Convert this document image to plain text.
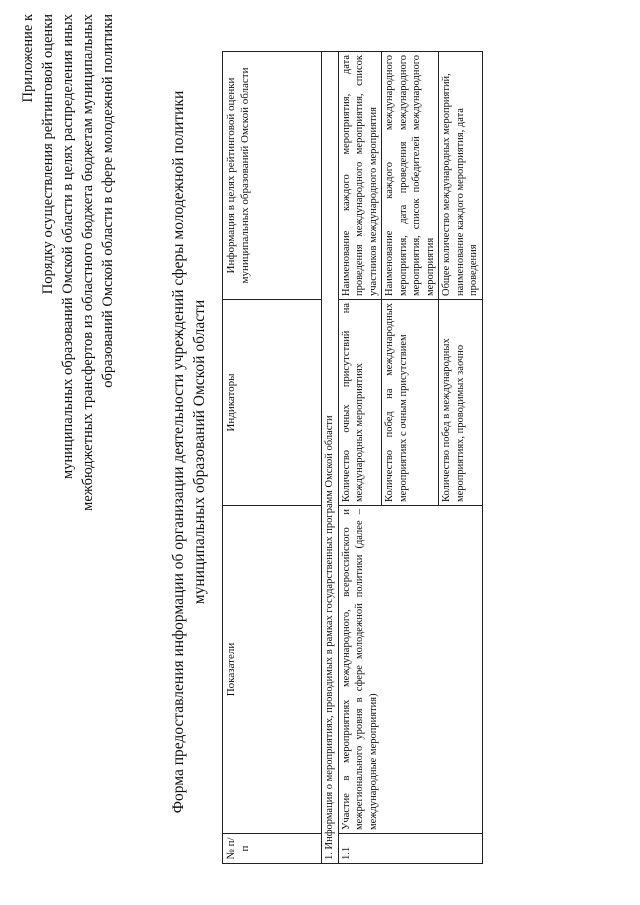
Приложение к Порядку осуществления рейтинговой оценки муниципальных образований Омской области в целях распределения иных межбюджетных трансфертов из областного бюджета бюджетам муниципальных образований Омской области в сфере молодежной политики	Форма предоставления информации об организации деятельности учреждений сферы молодежной политики муниципальных образований Омской области
№ п/п	Показатели	Индикаторы	Информация в целях рейтинговой оценки муниципальных образований Омской области
1. Информация о мероприятиях, проводимых в рамках государственных программ Омской области			
1.1	Участие в мероприятиях международного, всероссийского и межрегионального уровня в сфере молодежной политики (далее – международные мероприятия)	Количество очных присутствий на международных мероприятиях	Наименование каждого мероприятия, дата проведения международного мероприятия, список участников международного мероприятия
		Количество побед на международных мероприятиях с очным присутствием	Наименование каждого международного мероприятия, дата проведения международного мероприятия, список победителей международного мероприятия
		Количество побед в международных мероприятиях, проводимых заочно	Общее количество международных мероприятий, наименование каждого мероприятия, дата проведения
